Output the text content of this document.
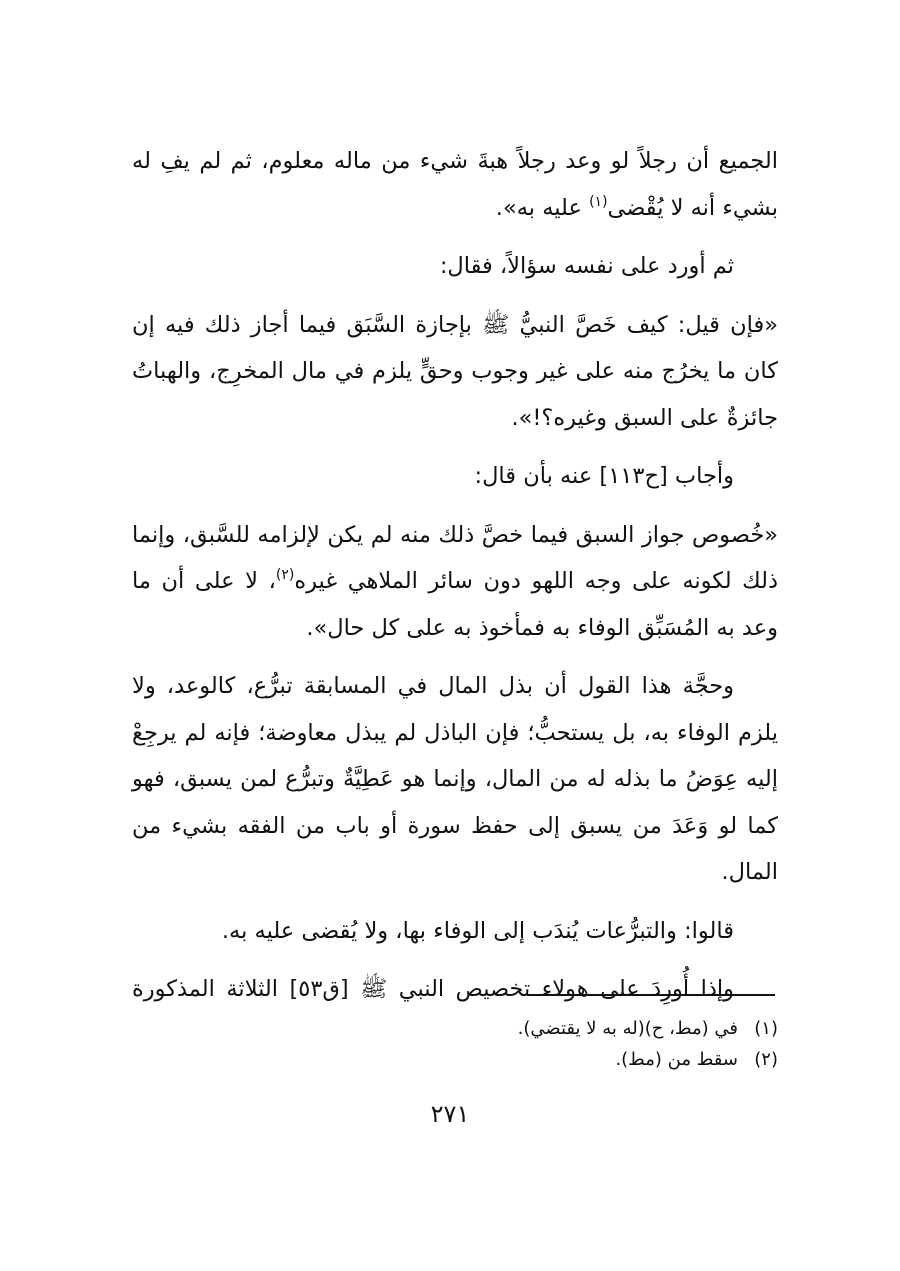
الجميع أن رجلاً لو وعد رجلاً هبةَ شيء من ماله معلوم، ثم لم يفِ له بشيء أنه لا يُقْضى$^{(١)}$ عليه به».

ثم أورد على نفسه سؤالاً، فقال:

«فإن قيل: كيف خَصَّ النبيُّ ﷺ بإجازة السَّبَق فيما أجاز ذلك فيه إن كان ما يخرُج منه على غير وجوب وحقٍّ يلزم في مال المخرِج، والهباتُ جائزةٌ على السبق وغيره؟!».

وأجاب [ح١١٣] عنه بأن قال:

«خُصوص جواز السبق فيما خصَّ ذلك منه لم يكن لإلزامه للسَّبق، وإنما ذلك لكونه على وجه اللهو دون سائر الملاهي غيره$^{(٢)}$، لا على أن ما وعد به المُسَبِّق الوفاء به فمأخوذ به على كل حال».

وحجَّة هذا القول أن بذل المال في المسابقة تبرُّع، كالوعد، ولا يلزم الوفاء به، بل يستحبُّ؛ فإن الباذل لم يبذل معاوضة؛ فإنه لم يرجِعْ إليه عِوَضُ ما بذله له من المال، وإنما هو عَطِيَّةٌ وتبرُّع لمن يسبق، فهو كما لو وَعَدَ من يسبق إلى حفظ سورة أو باب من الفقه بشيء من المال.

قالوا: والتبرُّعات يُندَب إلى الوفاء بها، ولا يُقضى عليه به.

وإذا أُورِدَ على هولاء تخصيص النبي ﷺ [ق٥٣] الثلاثة المذكورة

(١)في (مط، ح)(له به لا يقتضي).
(٢)سقط من (مط).
٢٧١
